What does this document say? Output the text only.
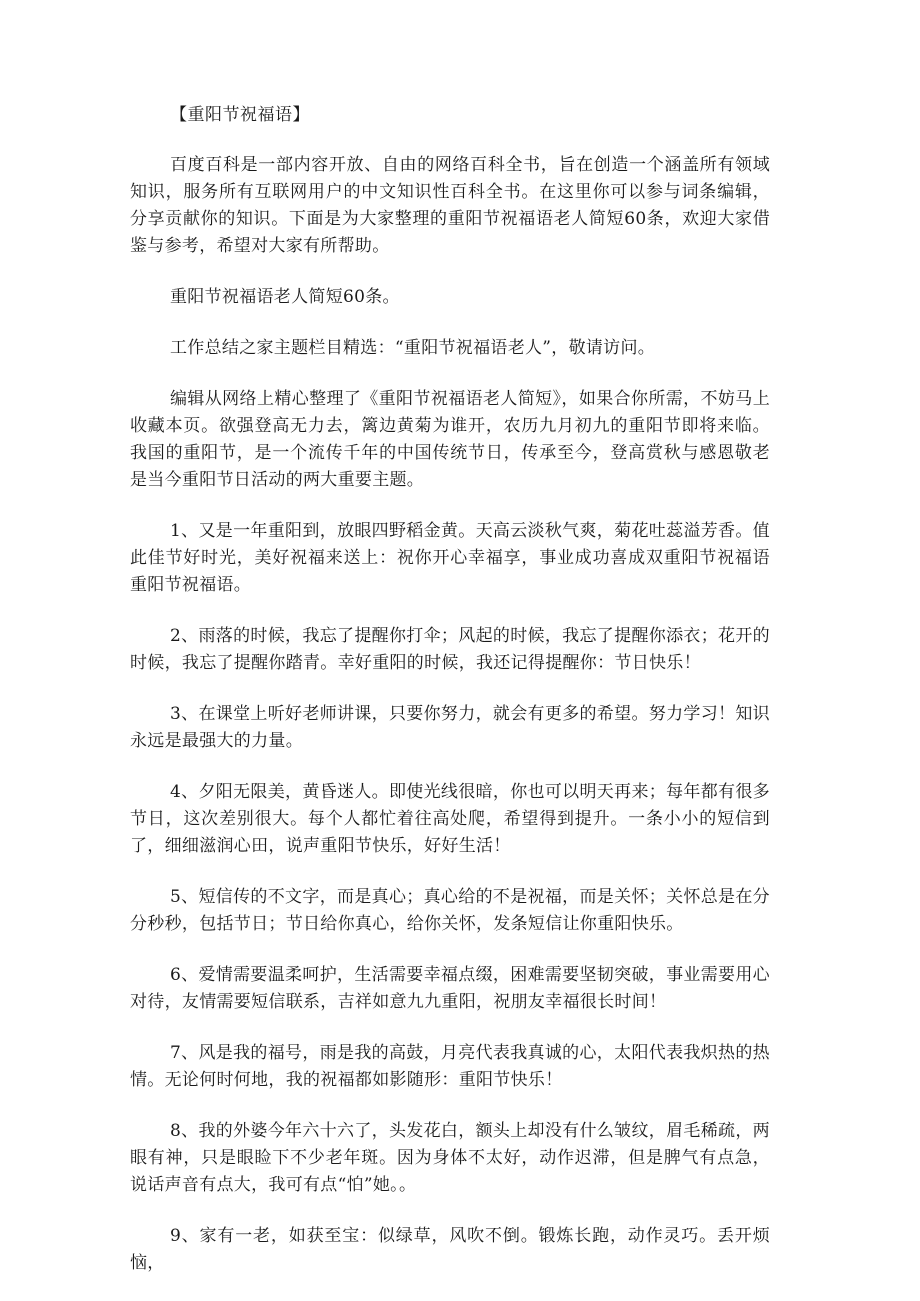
【重阳节祝福语】

百度百科是一部内容开放、自由的网络百科全书，旨在创造一个涵盖所有领域知识，服务所有互联网用户的中文知识性百科全书。在这里你可以参与词条编辑，分享贡献你的知识。下面是为大家整理的重阳节祝福语老人简短60条，欢迎大家借鉴与参考，希望对大家有所帮助。

重阳节祝福语老人简短60条。

工作总结之家主题栏目精选：“重阳节祝福语老人”，敬请访问。

编辑从网络上精心整理了《重阳节祝福语老人简短》，如果合你所需，不妨马上收藏本页。欲强登高无力去，篱边黄菊为谁开，农历九月初九的重阳节即将来临。我国的重阳节，是一个流传千年的中国传统节日，传承至今，登高赏秋与感恩敬老是当今重阳节日活动的两大重要主题。

1、又是一年重阳到，放眼四野稻金黄。天高云淡秋气爽，菊花吐蕊溢芳香。值此佳节好时光，美好祝福来送上：祝你开心幸福享，事业成功喜成双重阳节祝福语重阳节祝福语。

2、雨落的时候，我忘了提醒你打伞；风起的时候，我忘了提醒你添衣；花开的时候，我忘了提醒你踏青。幸好重阳的时候，我还记得提醒你：节日快乐！

3、在课堂上听好老师讲课，只要你努力，就会有更多的希望。努力学习！知识永远是最强大的力量。

4、夕阳无限美，黄昏迷人。即使光线很暗，你也可以明天再来；每年都有很多节日，这次差别很大。每个人都忙着往高处爬，希望得到提升。一条小小的短信到了，细细滋润心田，说声重阳节快乐，好好生活！

5、短信传的不文字，而是真心；真心给的不是祝福，而是关怀；关怀总是在分分秒秒，包括节日；节日给你真心，给你关怀，发条短信让你重阳快乐。

6、爱情需要温柔呵护，生活需要幸福点缀，困难需要坚韧突破，事业需要用心对待，友情需要短信联系，吉祥如意九九重阳，祝朋友幸福很长时间！

7、风是我的福号，雨是我的高鼓，月亮代表我真诚的心，太阳代表我炽热的热情。无论何时何地，我的祝福都如影随形：重阳节快乐！

8、我的外婆今年六十六了，头发花白，额头上却没有什么皱纹，眉毛稀疏，两眼有神，只是眼睑下不少老年斑。因为身体不太好，动作迟滞，但是脾气有点急，说话声音有点大，我可有点“怕”她。。

9、家有一老，如获至宝：似绿草，风吹不倒。锻炼长跑，动作灵巧。丢开烦恼，
